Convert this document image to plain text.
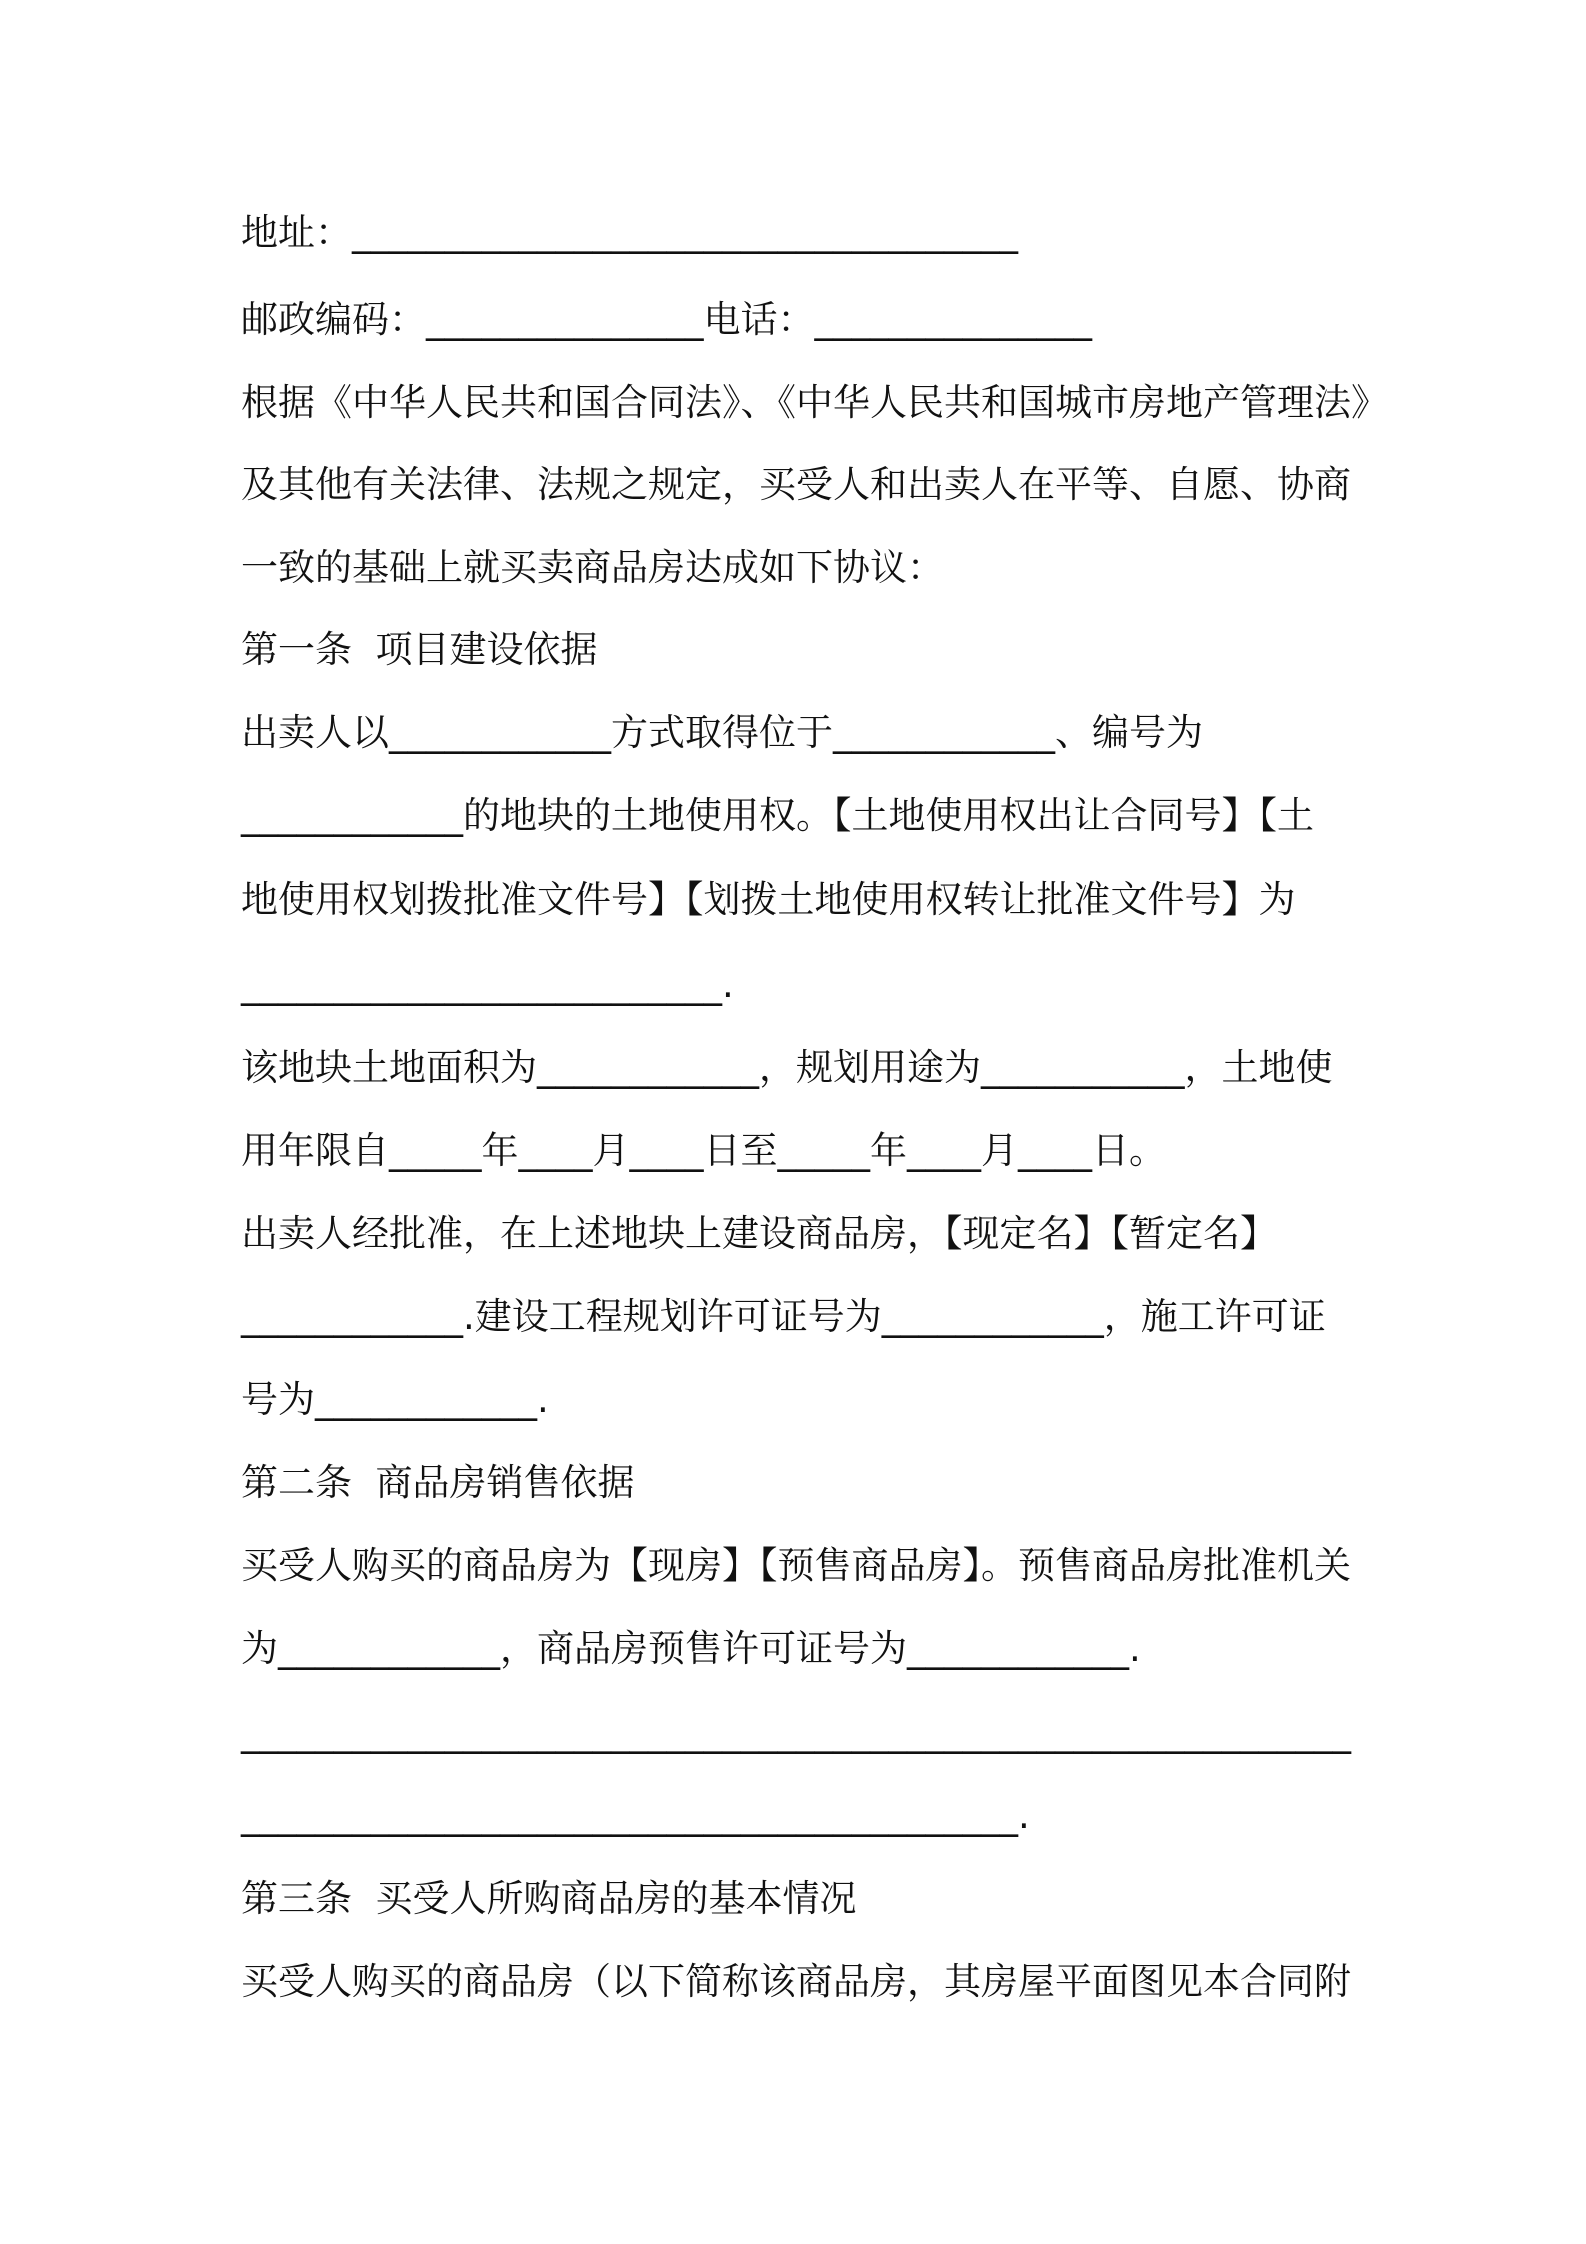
地址：____________________________________
邮政编码：_______________电话：_______________
根据《中华人民共和国合同法》、《中华人民共和国城市房地产管理法》
及其他有关法律、法规之规定，买受人和出卖人在平等、自愿、协商
一致的基础上就买卖商品房达成如下协议：
第一条  项目建设依据
出卖人以____________方式取得位于____________、编号为
____________的地块的土地使用权。【土地使用权出让合同号】【土
地使用权划拨批准文件号】【划拨土地使用权转让批准文件号】为
__________________________.
该地块土地面积为____________，规划用途为___________，土地使
用年限自_____年____月____日至_____年____月____日。
出卖人经批准，在上述地块上建设商品房，【现定名】【暂定名】
____________.建设工程规划许可证号为____________，施工许可证
号为____________.
第二条  商品房销售依据
买受人购买的商品房为【现房】【预售商品房】。预售商品房批准机关
为____________，商品房预售许可证号为____________.
____________________________________________________________
__________________________________________.
第三条  买受人所购商品房的基本情况
买受人购买的商品房（以下简称该商品房，其房屋平面图见本合同附
